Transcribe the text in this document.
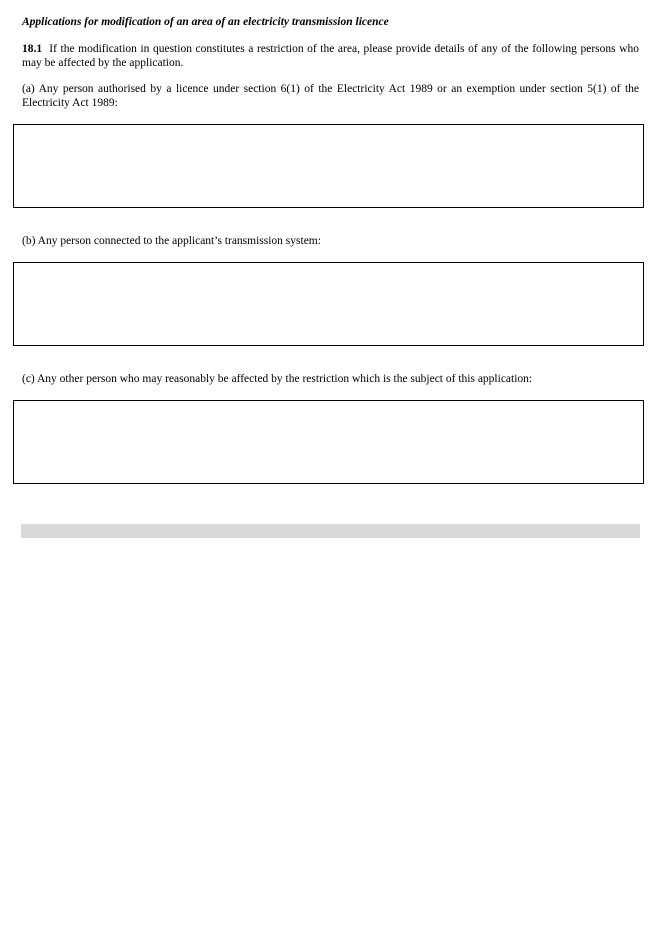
Applications for modification of an area of an electricity transmission licence
18.1 If the modification in question constitutes a restriction of the area, please provide details of any of the following persons who may be affected by the application.
(a) Any person authorised by a licence under section 6(1) of the Electricity Act 1989 or an exemption under section 5(1) of the Electricity Act 1989:
(b) Any person connected to the applicant’s transmission system:
(c) Any other person who may reasonably be affected by the restriction which is the subject of this application:
